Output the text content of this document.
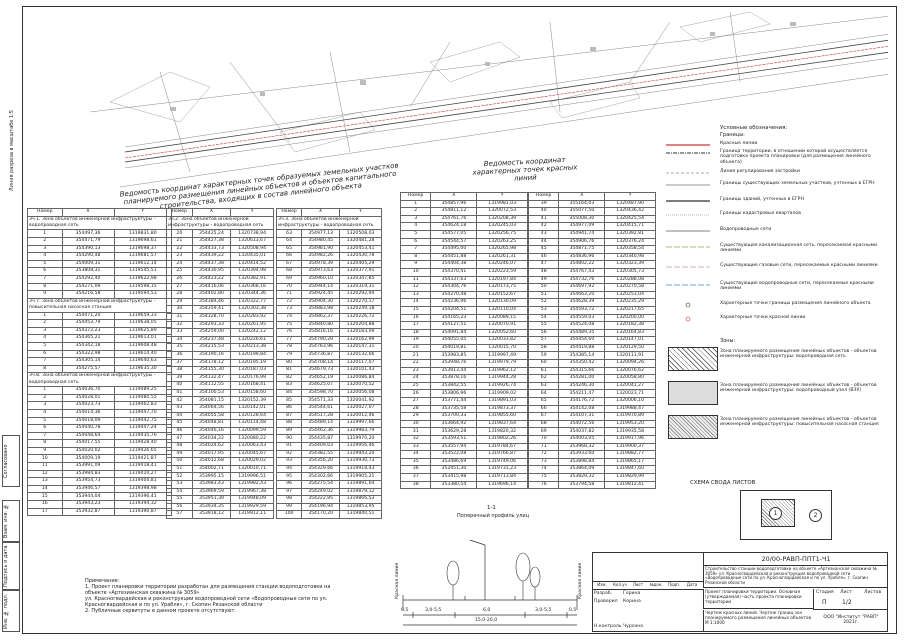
Согласовано
Взам. инв. №
Подпись и дата
Инв. № подл.
Линия разреза в масштабе 1:5	Ведомость координат характерных точек образуемых земельных участков планируемого размещения линейных объектов и объектов капитального строительства, входящих в состав линейного объекта
Ведомость координат характерных точек красных линий
Номер	X	Y
Зч.1. Зона объектов инженерной инфраструктуры - водопроводная сеть		
1	354497,36	1319831,80
2	354471,79	1319698,61
3	354390,13	1319698,37
4	354290,48	1319681,57
5	354009,31	1319612,14
6	353808,31	1319545,51
7	354292,40	1319622,98
8	354271,09	1319598,15
9	354216,58	1319594,53
Зч.7. Зона объектов инженерной инфраструктуры - повысительная насосная станция		
1	354471,20	1319659,33
2	354453,79	1319638,05
3	354372,23	1319625,89
4	354365,21	1319613,01
5	354342,18	1319608,48
6	354322,98	1319614,40
7	354305,14	1319640,63
8	354275,57	1319635,30
Зч.8. Зона объектов инженерной инфраструктуры - водопроводная сеть		
1	354036,70	1319489,25
2	354028,01	1319480,55
3	354023,73	1319462,83
4	354014,36	1319447,70
5	354018,09	1319442,75
6	354040,78	1319447,24
7	354048,64	1319435,76
8	354017,55	1319428,40
9	354020,02	1319426,65
10	354009,19	1319421,87
11	353991,09	1319418,41
12	353984,83	1319410,27
13	353954,73	1319404,81
14	353946,57	1319398,98
15	353944,04	1319396,41
16	353943,23	1319394,32
17	353932,87	1319390,87
Номер	X	Y
Зч.2. Зона объектов инженерной инфраструктуры - водопроводная сеть		
20	354425,24	1320738,94
21	354427,38	1320613,67
22	354433,73	1320508,94
23	354439,22	1320435,01
24	354437,38	1320414,52
25	354430,95	1320394,98
26	354423,22	1320382,91
27	354416,06	1320368,16
28	354402,80	1320344,36
29	354384,46	1320322,77
30	354359,41	1320303,38
31	354328,70	1320283,92
32	354293,33	1320261,95
33	354259,00	1320242,12
34	354237,48	1320226,61
35	354215,53	1320213,38
36	354190,16	1320199,84
37	354178,12	1320195,19
38	354155,30	1320187,03
39	354132,47	1320176,99
40	354112,55	1320168,41
41	354100,53	1320158,60
42	354081,15	1320152,39
43	354064,56	1320142,01
44	354055,58	1320128,64
45	354048,81	1320114,48
46	354046,16	1320099,59
47	354034,22	1320080,22
48	354024,62	1320063,43
49	354017,95	1320045,67
50	354012,68	1320029,02
51	354002,71	1320010,71
52	353995,15	1319996,51
53	353983,43	1319982,43
54	353969,59	1319967,38
55	353951,39	1319948,09
56	353934,35	1319929,59
57	353918,12	1319912,11
Номер	X	Y
Зч.3. Зона объектов инженерной инфраструктуры - водопроводная сеть		
63	354977,13	1320508,03
64	354980,45	1320481,28
65	354981,90	1320453,41
66	354982,26	1320430,78
67	354978,39	1320405,29
68	354973,63	1320377,91
69	354960,10	1320347,85
70	354944,14	1320319,31
71	354924,45	1320292,94
72	354904,30	1320270,17
73	354883,98	1320249,18
74	354862,37	1320226,72
75	354840,80	1320204,88
76	354816,16	1320183,09
77	354790,29	1320162,99
78	354763,96	1320147,31
79	354736,87	1320132,66
80	354708,14	1320117,07
81	354679,73	1320101,43
82	354652,19	1320086,84
83	354625,07	1320070,52
84	354598,70	1320056,08
85	354571,33	1320041,92
86	354544,61	1320027,07
87	354517,28	1320012,46
88	354489,14	1319997,66
89	354462,36	1319983,79
90	354435,87	1319970,20
91	354409,03	1319956,46
92	354382,55	1319943,20
93	354356,20	1319930,73
94	354329,66	1319918,43
95	354302,66	1319905,21
96	354275,54	1319891,64
97	354249,02	1319879,12
98	354222,95	1319866,53
99	354196,94	1319853,95
100	354170,20	1319840,51
Номер	X	Y
1	354857,96	1319981,03
2	354811,12	1320072,53
3	354761,76	1320208,39
4	354624,18	1320245,03
5	354577,05	1320256,75
6	354544,57	1320263,25
7	354495,00	1320265,98
8	354451,88	1320261,31
9	354404,38	1320246,07
10	354370,41	1320223,59
11	354337,63	1320197,84
12	354304,76	1320173,75
13	354270,48	1320152,67
14	354236,96	1320130,09
15	354204,51	1320110,04
16	354165,23	1320089,15
17	354127,51	1320070,91
18	354091,84	1320052,60
19	354055,05	1320033,82
20	354019,81	1320015,70
21	353983,85	1319997,49
22	353948,76	1319979,79
23	353913,44	1319962,12
24	353878,16	1319944,28
25	353842,55	1319926,74
26	353806,96	1319909,02
27	353771,44	1319891,03
28	353735,58	1319873,37
29	353700,33	1319855,60
30	353664,92	1319837,64
31	353629,28	1319820,32
32	353593,51	1319802,26
33	353557,94	1319784,67
34	353522,08	1319766,87
35	353486,69	1319749,06
36	353451,30	1319731,23
37	353415,98	1319713,84
38	353380,54	1319696,14
Номер	X	Y
39	355164,03	1320487,90
40	355077,50	1320436,42
41	355008,30	1320425,54
42	354977,09	1320415,71
43	354941,74	1320392,81
44	354906,76	1320376,24
45	354871,75	1320358,54
46	354836,96	1320340,98
47	354802,22	1320323,39
48	354767,43	1320305,73
49	354732,76	1320288,08
50	354697,92	1320270,58
51	354663,20	1320253,04
52	354628,39	1320235,29
53	354593,72	1320217,65
54	354559,03	1320200,00
55	354524,08	1320182,38
56	354489,35	1320164,83
57	354454,60	1320147,01
58	354419,88	1320129,50
59	354385,14	1320111,91
60	354350,42	1320094,26
61	354315,66	1320076,62
62	354281,00	1320058,80
63	354246,30	1320041,27
64	354211,47	1320023,71
65	354176,72	1320006,10
66	354142,08	1319988,47
67	354107,31	1319970,89
68	354072,56	1319953,20
69	354037,82	1319935,58
70	354003,05	1319917,96
71	353968,32	1319900,37
72	353933,60	1319882,77
73	353898,84	1319865,17
74	353864,09	1319847,60
75	353829,32	1319829,99
76	353794,58	1319812,41
Условные обозначения:
Границы:
Красные линии
Граница территории, в отношении которой осуществляется подготовка проекта планировки (для размещения линейного объекта)
Линия регулирования застройки
Границы существующих земельных участков, учтенных в ЕГРН
Границы зданий, учтенных в ЕГРН
Границы кадастровых кварталов
Водопроводные сети
Существующая канализационная сеть, пересекаемая красными линиями
Существующие газовые сети, пересекаемые красными линиями
Существующие водопроводные сети, пересекаемые красными линиями
Характерные точки границы размещения линейного объекта
Характерные точки красной линии
Зоны:
Зона планируемого размещения линейных объектов - объектов инженерной инфраструктуры: водопроводная сеть
Зона планируемого размещения линейных объектов - объектов инженерной инфраструктуры: водопроводный узел (ВЗУ)
Зона планируемого размещения линейных объектов - объектов инженерной инфраструктуры: повысительная насосная станция
СХЕМА СВОДА ЛИСТОВ
1	2
1-1
Поперечный профиль улиц
Красная линия	Красная линия
0,5	3,0-5,5	6,0	3,0-5,5	0,5
15,0-20,0
Примечание:
1. Проект планировки территории разработан для размещения станции водоподготовки на
объекте «Артезианская скважина № 3059»
ул. Красногвардейская и реконструкции водопроводной сети «Водопроводные сети по ул.
Красногвардейская и по ул. Урабля», г. Скопин Рязанской области
2. Публичные сервитуты в данном проекте отсутствуют.
20/00-РАВП-ППТ1-Ч1
Строительство станции водоподготовки на объекте «Артезианская скважина № 3059» ул. Красногвардейская и реконструкция водопроводной сети «Водопроводные сети по ул. Красногвардейская и по ул. Урабля», г. Скопин Рязанской области
Изм.	Кол.уч	Лист	№док.	Подп.	Дата
Разраб. Горина
Проверил Корина
Н.контроль Чурсина
Проект планировки территории. Основная (утверждаемая) часть проекта планировки территории
Чертеж красных линий. Чертеж границ зон планируемого размещения линейных объектов М 1:1000
Стадия Лист	Листов
П	1/2
ООО "Институт "РАВП" 2021г.
